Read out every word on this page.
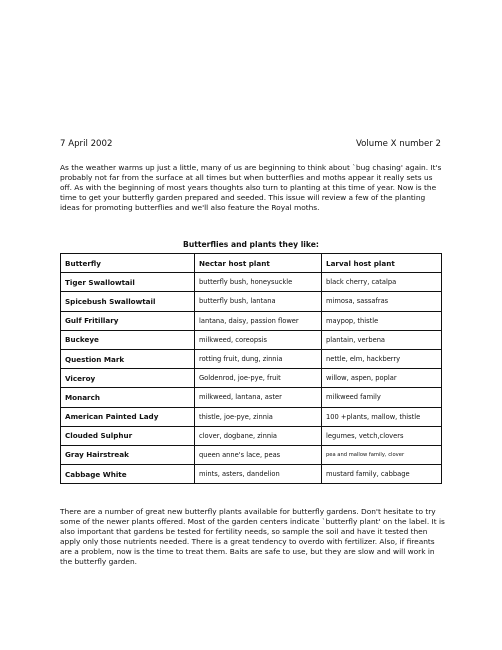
7 April 2002	Volume X number 2

As the weather warms up just a little, many of us are beginning to think about `bug chasing' again. It's probably not far from the surface at all times but when butterflies and moths appear it really sets us off. As with the beginning of most years thoughts also turn to planting at this time of year. Now is the time to get your butterfly garden prepared and seeded. This issue will review a few of the planting ideas for promoting butterflies and we'll also feature the Royal moths.

Butterflies and plants they like:
Butterfly	Nectar host plant	Larval host plant
Tiger Swallowtail	butterfly bush, honeysuckle	black cherry, catalpa
Spicebush Swallowtail	butterfly bush, lantana	mimosa, sassafras
Gulf Fritillary	lantana, daisy, passion flower	maypop, thistle
Buckeye	milkweed, coreopsis	plantain, verbena
Question Mark	rotting fruit, dung, zinnia	nettle, elm, hackberry
Viceroy	Goldenrod, joe-pye, fruit	willow, aspen, poplar
Monarch	milkweed, lantana, aster	milkweed family
American Painted Lady	thistle, joe-pye, zinnia	100 +plants, mallow, thistle
Clouded Sulphur	clover, dogbane, zinnia	legumes, vetch,clovers
Gray Hairstreak	queen anne's lace, peas	pea and mallow family, clover
Cabbage White	mints, asters, dandelion	mustard family, cabbage

There are a number of great new butterfly plants available for butterfly gardens. Don't hesitate to try some of the newer plants offered. Most of the garden centers indicate `butterfly plant' on the label. It is also important that gardens be tested for fertility needs, so sample the soil and have it tested then apply only those nutrients needed. There is a great tendency to overdo with fertilizer. Also, if fireants are a problem, now is the time to treat them. Baits are safe to use, but they are slow and will work in the butterfly garden.
